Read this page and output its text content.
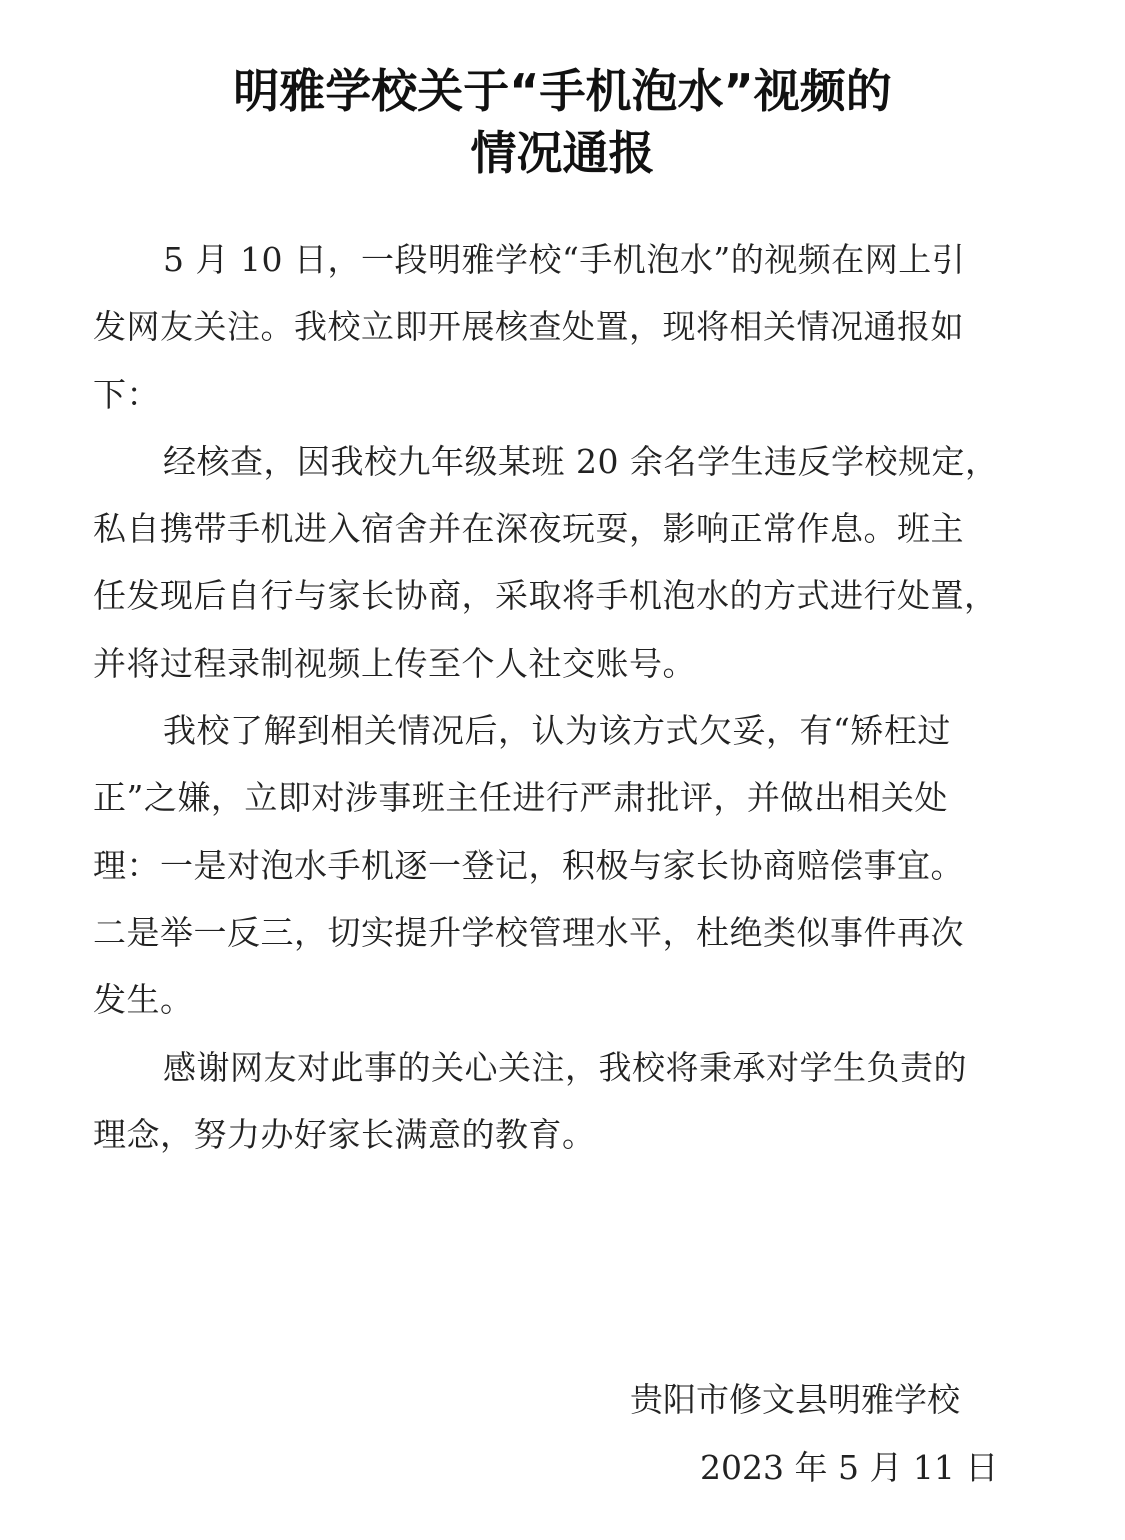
明雅学校关于“手机泡水”视频的
情况通报
5 月 10 日，一段明雅学校“手机泡水”的视频在网上引
发网友关注。我校立即开展核查处置，现将相关情况通报如
下：
经核查，因我校九年级某班 20 余名学生违反学校规定，
私自携带手机进入宿舍并在深夜玩耍，影响正常作息。班主
任发现后自行与家长协商，采取将手机泡水的方式进行处置，
并将过程录制视频上传至个人社交账号。
我校了解到相关情况后，认为该方式欠妥，有“矫枉过
正”之嫌，立即对涉事班主任进行严肃批评，并做出相关处
理：一是对泡水手机逐一登记，积极与家长协商赔偿事宜。
二是举一反三，切实提升学校管理水平，杜绝类似事件再次
发生。
感谢网友对此事的关心关注，我校将秉承对学生负责的
理念，努力办好家长满意的教育。
贵阳市修文县明雅学校
2023 年 5 月 11 日
